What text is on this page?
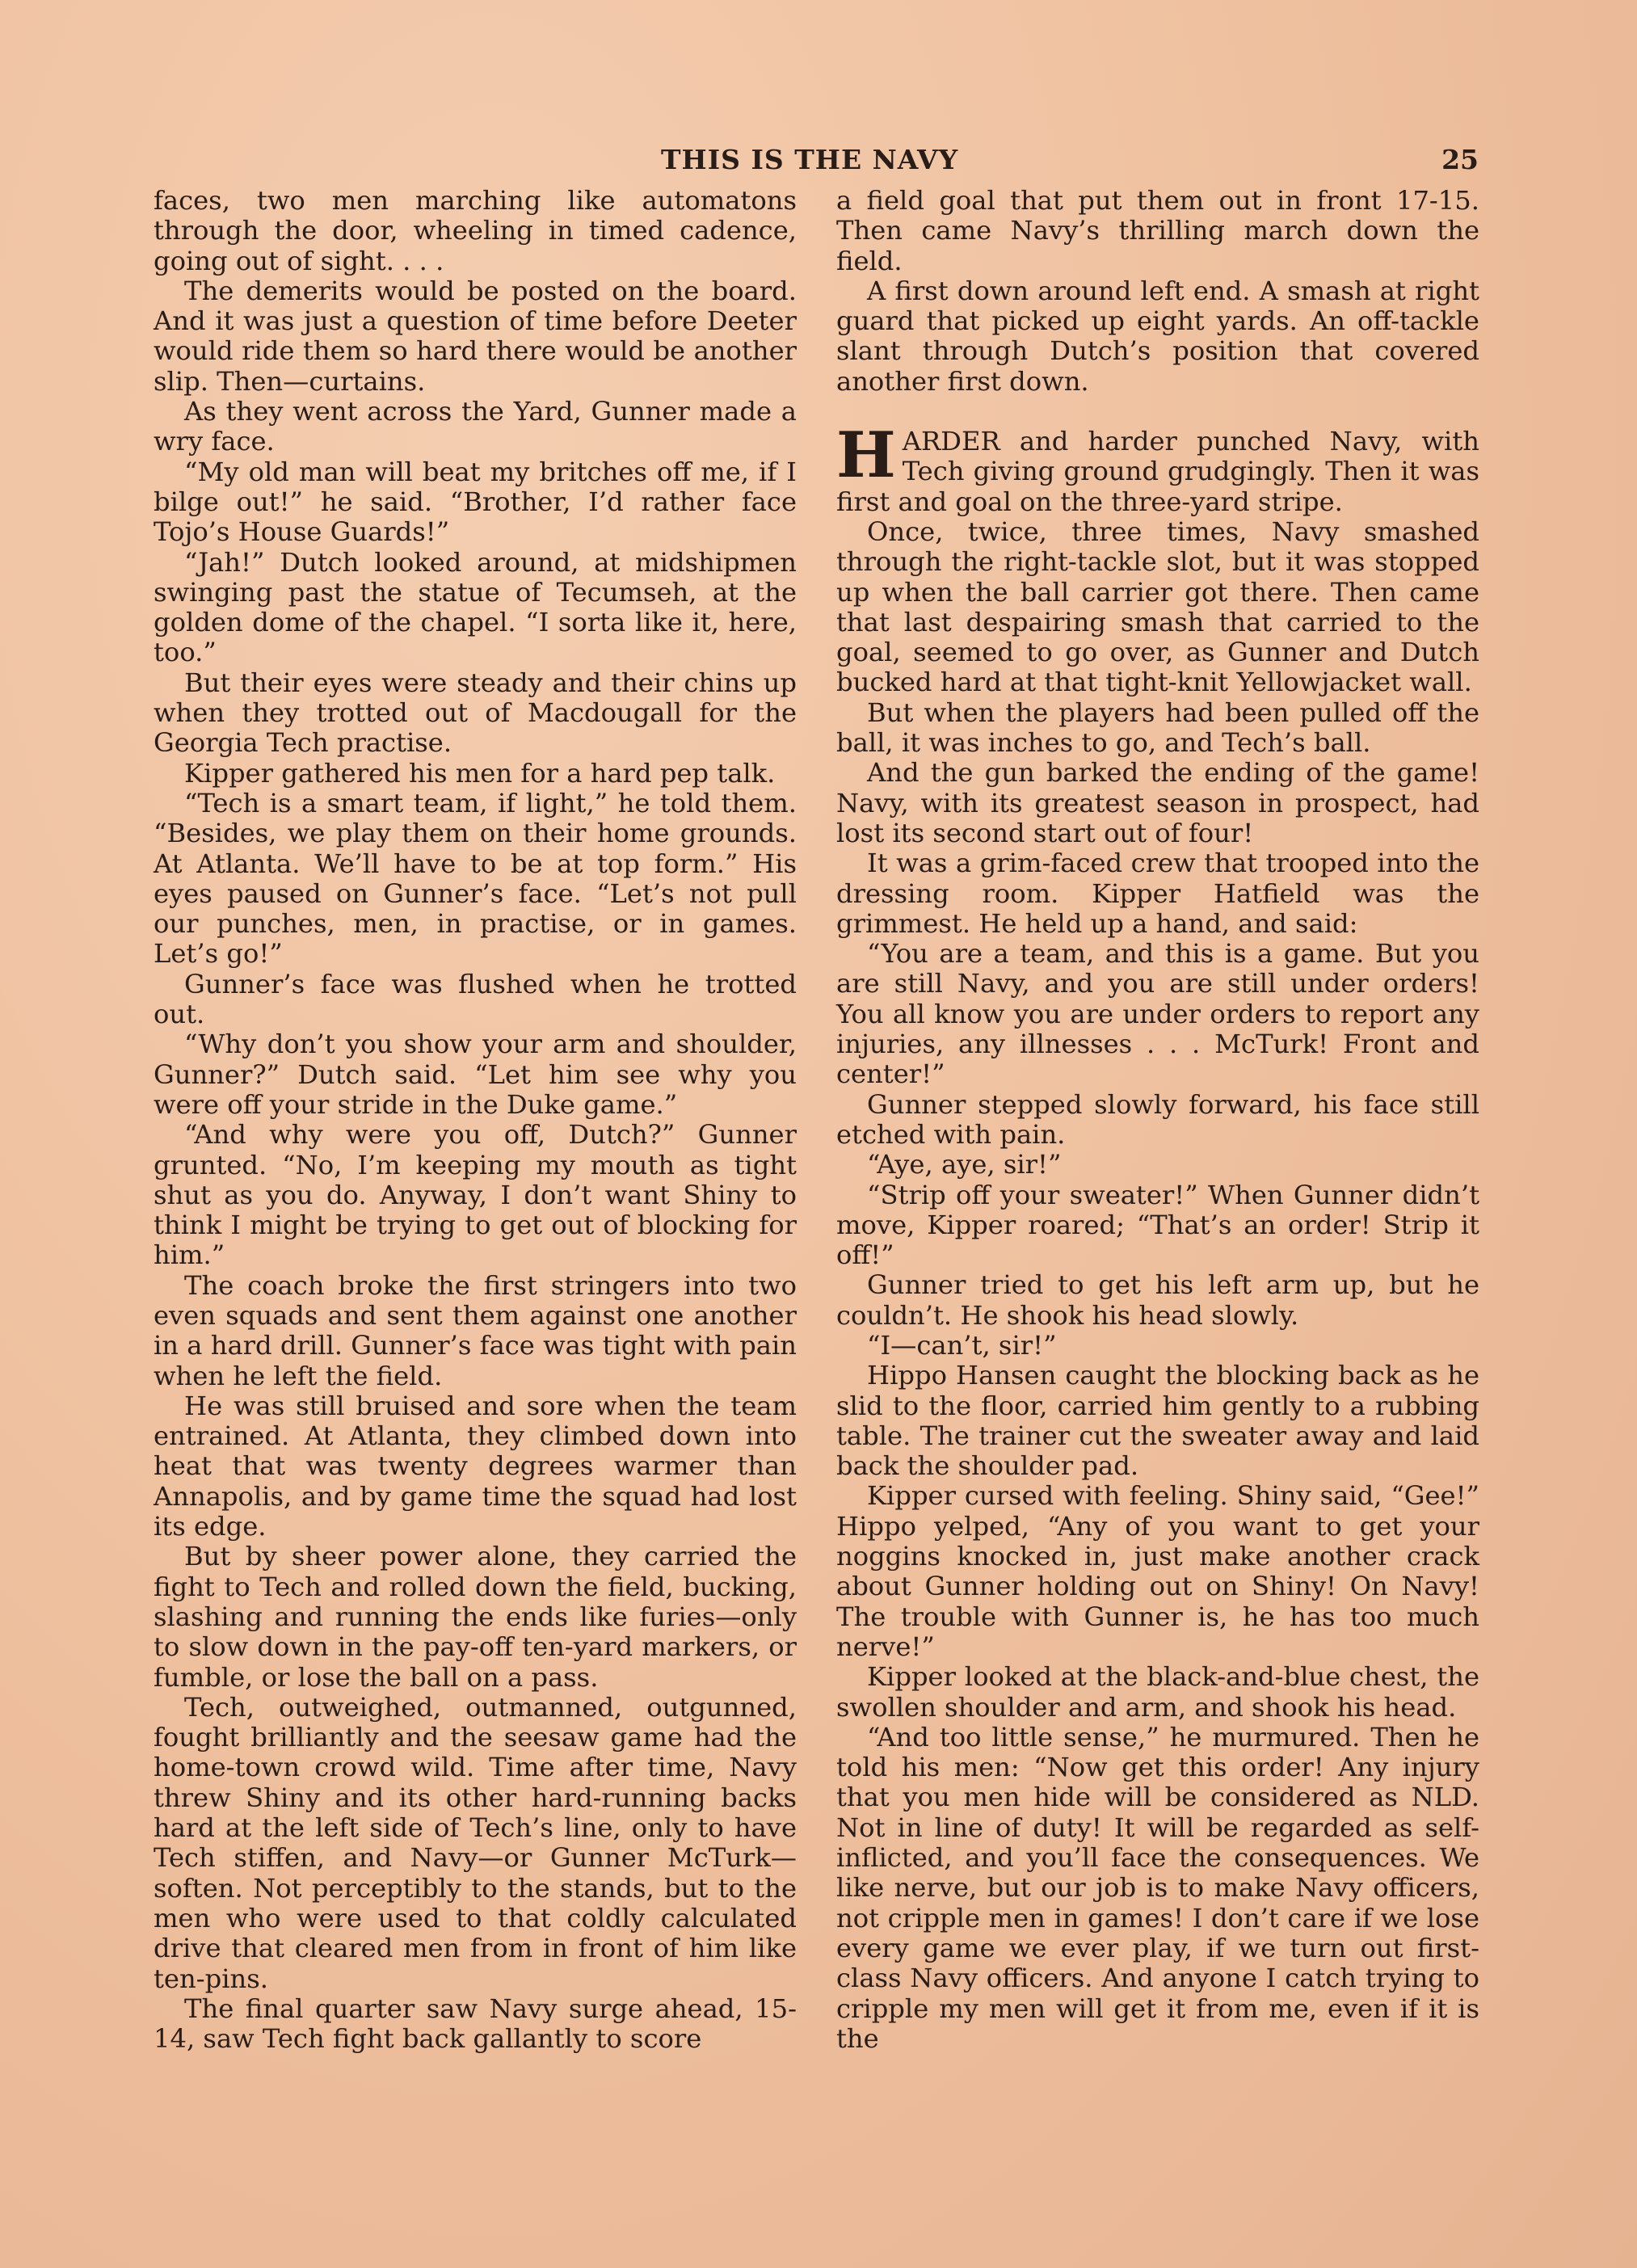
THIS IS THE NAVY	25

faces, two men marching like automatons through the door, wheeling in timed cadence, going out of sight. . . .

The demerits would be posted on the board. And it was just a question of time before Deeter would ride them so hard there would be another slip. Then—curtains.

As they went across the Yard, Gunner made a wry face.

“My old man will beat my britches off me, if I bilge out!” he said. “Brother, I’d rather face Tojo’s House Guards!”

“Jah!” Dutch looked around, at midshipmen swinging past the statue of Tecumseh, at the golden dome of the chapel. “I sorta like it, here, too.”

But their eyes were steady and their chins up when they trotted out of Macdougall for the Georgia Tech practise.

Kipper gathered his men for a hard pep talk.

“Tech is a smart team, if light,” he told them. “Besides, we play them on their home grounds. At Atlanta. We’ll have to be at top form.” His eyes paused on Gunner’s face. “Let’s not pull our punches, men, in practise, or in games. Let’s go!”

Gunner’s face was flushed when he trotted out.

“Why don’t you show your arm and shoulder, Gunner?” Dutch said. “Let him see why you were off your stride in the Duke game.”

“And why were you off, Dutch?” Gunner grunted. “No, I’m keeping my mouth as tight shut as you do. Anyway, I don’t want Shiny to think I might be trying to get out of blocking for him.”

The coach broke the first stringers into two even squads and sent them against one another in a hard drill. Gunner’s face was tight with pain when he left the field.

He was still bruised and sore when the team entrained. At Atlanta, they climbed down into heat that was twenty degrees warmer than Annapolis, and by game time the squad had lost its edge.

But by sheer power alone, they carried the fight to Tech and rolled down the field, bucking, slashing and running the ends like furies—only to slow down in the pay-off ten-yard markers, or fumble, or lose the ball on a pass.

Tech, outweighed, outmanned, outgunned, fought brilliantly and the seesaw game had the home-town crowd wild. Time after time, Navy threw Shiny and its other hard-running backs hard at the left side of Tech’s line, only to have Tech stiffen, and Navy—or Gunner McTurk—soften. Not perceptibly to the stands, but to the men who were used to that coldly calculated drive that cleared men from in front of him like ten-pins.

The final quarter saw Navy surge ahead, 15-14, saw Tech fight back gallantly to score

a field goal that put them out in front 17-15. Then came Navy’s thrilling march down the field.

A first down around left end. A smash at right guard that picked up eight yards. An off-tackle slant through Dutch’s position that covered another first down.

HARDER and harder punched Navy, with Tech giving ground grudgingly. Then it was first and goal on the three-yard stripe.

Once, twice, three times, Navy smashed through the right-tackle slot, but it was stopped up when the ball carrier got there. Then came that last despairing smash that carried to the goal, seemed to go over, as Gunner and Dutch bucked hard at that tight-knit Yellowjacket wall.

But when the players had been pulled off the ball, it was inches to go, and Tech’s ball.

And the gun barked the ending of the game! Navy, with its greatest season in prospect, had lost its second start out of four!

It was a grim-faced crew that trooped into the dressing room. Kipper Hatfield was the grimmest. He held up a hand, and said:

“You are a team, and this is a game. But you are still Navy, and you are still under orders! You all know you are under orders to report any injuries, any illnesses . . . McTurk! Front and center!”

Gunner stepped slowly forward, his face still etched with pain.

“Aye, aye, sir!”

“Strip off your sweater!” When Gunner didn’t move, Kipper roared; “That’s an order! Strip it off!”

Gunner tried to get his left arm up, but he couldn’t. He shook his head slowly.

“I—can’t, sir!”

Hippo Hansen caught the blocking back as he slid to the floor, carried him gently to a rubbing table. The trainer cut the sweater away and laid back the shoulder pad.

Kipper cursed with feeling. Shiny said, “Gee!” Hippo yelped, “Any of you want to get your noggins knocked in, just make another crack about Gunner holding out on Shiny! On Navy! The trouble with Gunner is, he has too much nerve!”

Kipper looked at the black-and-blue chest, the swollen shoulder and arm, and shook his head.

“And too little sense,” he murmured. Then he told his men: “Now get this order! Any injury that you men hide will be considered as NLD. Not in line of duty! It will be regarded as self-inflicted, and you’ll face the consequences. We like nerve, but our job is to make Navy officers, not cripple men in games! I don’t care if we lose every game we ever play, if we turn out first-class Navy officers. And anyone I catch trying to cripple my men will get it from me, even if it is the
